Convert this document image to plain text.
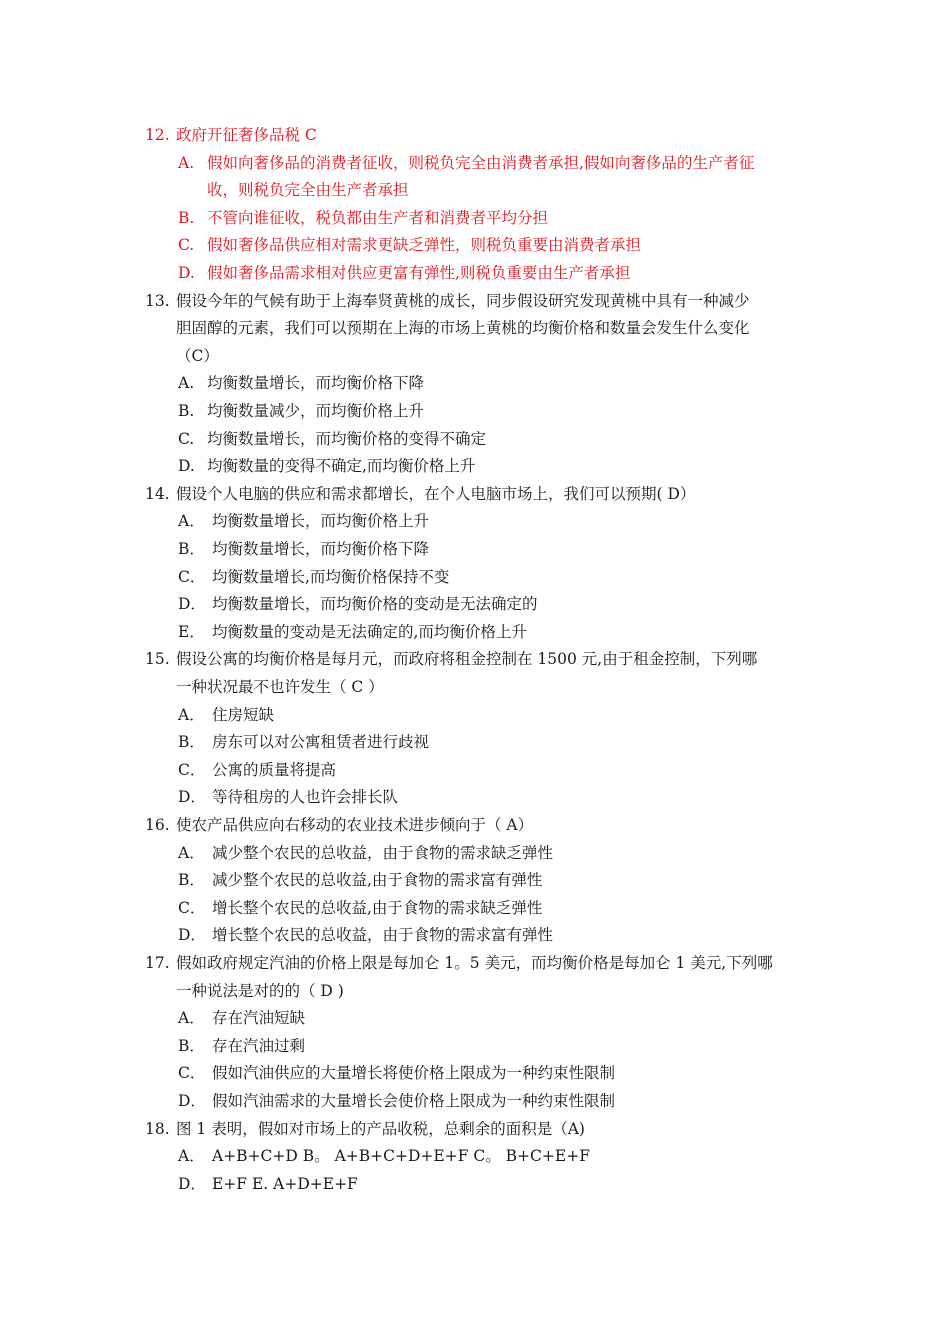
12. 政府开征奢侈品税 C
A. 假如向奢侈品的消费者征收，则税负完全由消费者承担,假如向奢侈品的生产者征
收，则税负完全由生产者承担
B. 不管向谁征收，税负都由生产者和消费者平均分担
C. 假如奢侈品供应相对需求更缺乏弹性，则税负重要由消费者承担
D. 假如奢侈品需求相对供应更富有弹性,则税负重要由生产者承担
13. 假设今年的气候有助于上海奉贤黄桃的成长，同步假设研究发现黄桃中具有一种减少
胆固醇的元素，我们可以预期在上海的市场上黄桃的均衡价格和数量会发生什么变化
（C）
A. 均衡数量增长，而均衡价格下降
B. 均衡数量减少，而均衡价格上升
C. 均衡数量增长，而均衡价格的变得不确定
D. 均衡数量的变得不确定,而均衡价格上升
14. 假设个人电脑的供应和需求都增长，在个人电脑市场上，我们可以预期( D）
A． 均衡数量增长，而均衡价格上升
B． 均衡数量增长，而均衡价格下降
C． 均衡数量增长,而均衡价格保持不变
D． 均衡数量增长，而均衡价格的变动是无法确定的
E． 均衡数量的变动是无法确定的,而均衡价格上升
15. 假设公寓的均衡价格是每月元，而政府将租金控制在 1500 元,由于租金控制，下列哪
一种状况最不也许发生（ C ）
A． 住房短缺
B． 房东可以对公寓租赁者进行歧视
C． 公寓的质量将提高
D． 等待租房的人也许会排长队
16. 使农产品供应向右移动的农业技术进步倾向于（ A）
A． 减少整个农民的总收益，由于食物的需求缺乏弹性
B． 减少整个农民的总收益,由于食物的需求富有弹性
C． 增长整个农民的总收益,由于食物的需求缺乏弹性
D． 增长整个农民的总收益，由于食物的需求富有弹性
17. 假如政府规定汽油的价格上限是每加仑 1。5 美元，而均衡价格是每加仑 1 美元,下列哪
一种说法是对的的（ D )
A． 存在汽油短缺
B． 存在汽油过剩
C． 假如汽油供应的大量增长将使价格上限成为一种约束性限制
D． 假如汽油需求的大量增长会使价格上限成为一种约束性限制
18. 图 1 表明，假如对市场上的产品收税，总剩余的面积是（A)
A． A+B+C+D B。 A+B+C+D+E+F C。 B+C+E+F
D． E+F E. A+D+E+F
